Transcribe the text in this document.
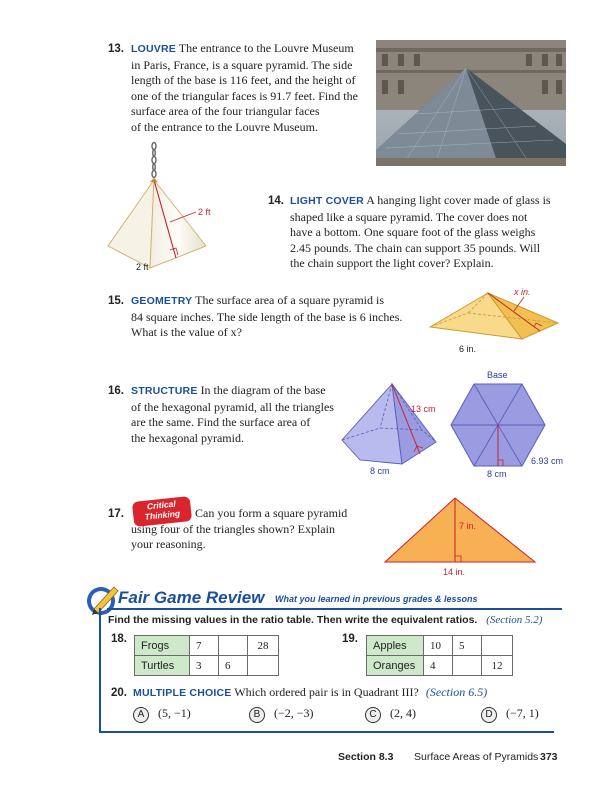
13. LOUVRE The entrance to the Louvre Museum
in Paris, France, is a square pyramid. The side
length of the base is 116 feet, and the height of
one of the triangular faces is 91.7 feet. Find the
surface area of the four triangular faces
of the entrance to the Louvre Museum.
2 ft
2 ft
14. LIGHT COVER A hanging light cover made of glass is
shaped like a square pyramid. The cover does not
have a bottom. One square foot of the glass weighs
2.45 pounds. The chain can support 35 pounds. Will
the chain support the light cover? Explain.
15. GEOMETRY The surface area of a square pyramid is
84 square inches. The side length of the base is 6 inches.
What is the value of x?
x in.
6 in.
16. STRUCTURE In the diagram of the base
of the hexagonal pyramid, all the triangles
are the same. Find the surface area of
the hexagonal pyramid.
13 cm
8 cm
Base
6.93 cm
8 cm
17.
Critical
Thinking	Can you form a square pyramid
using four of the triangles shown? Explain
your reasoning.
7 in.
14 in.
Fair Game Review What you learned in previous grades & lessons
Find the missing values in the ratio table. Then write the equivalent ratios. (Section 5.2)
18.
Frogs	7		28
Turtles	3	6	
19.
Apples	10	5	
Oranges	4		12
20. MULTIPLE CHOICE Which ordered pair is in Quadrant III? (Section 6.5)
A (5, −1)	B (−2, −3)	C (2, 4)	D (−7, 1)
Section 8.3 Surface Areas of Pyramids 373
